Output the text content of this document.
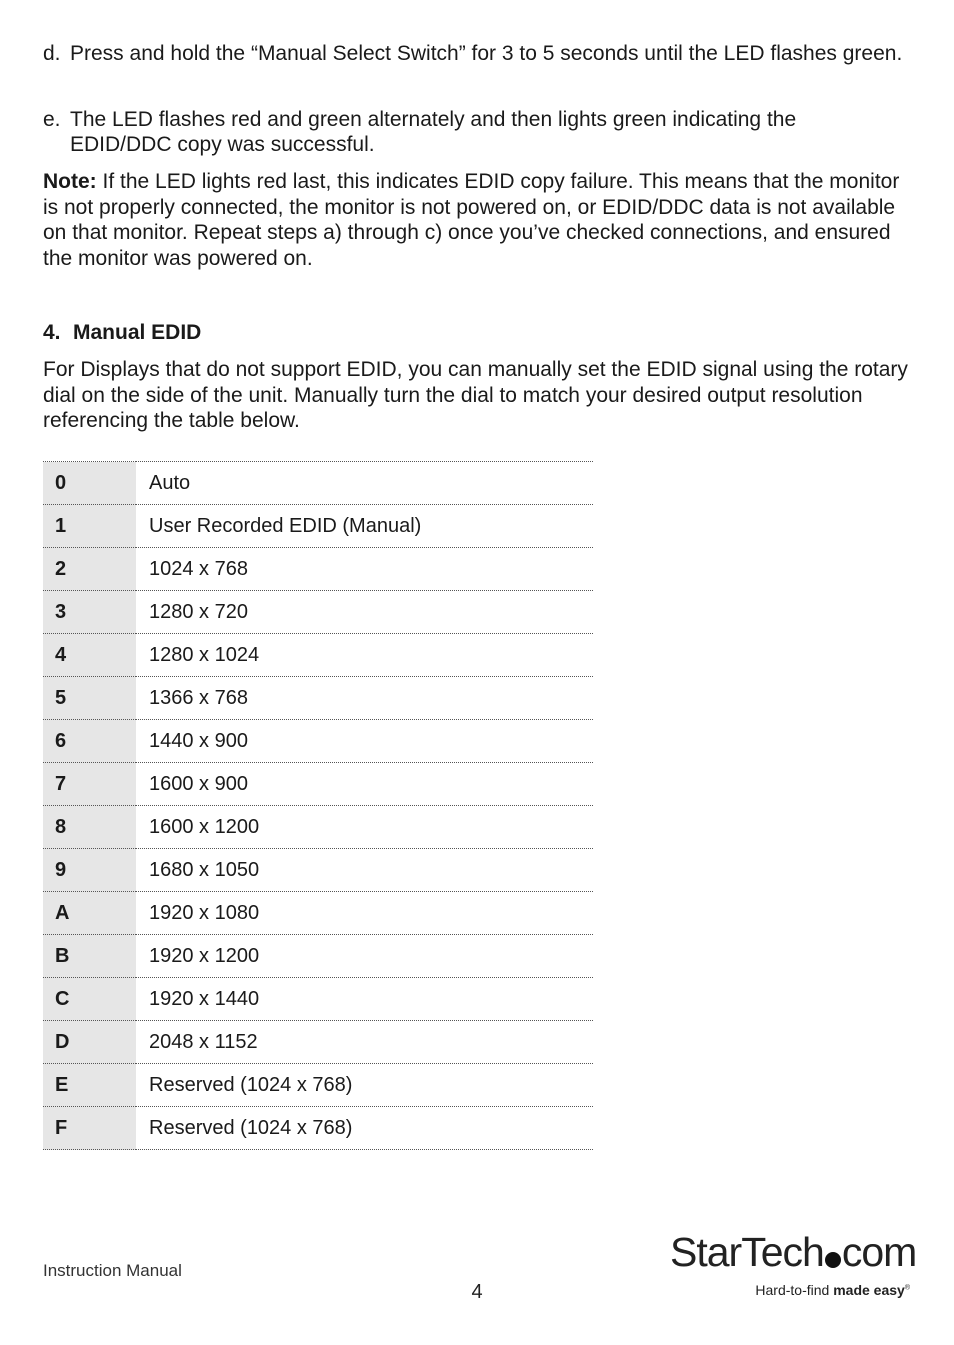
d. Press and hold the “Manual Select Switch” for 3 to 5 seconds until the LED flashes green.
e. The LED flashes red and green alternately and then lights green indicating the EDID/DDC copy was successful.

Note: If the LED lights red last, this indicates EDID copy failure. This means that the monitor is not properly connected, the monitor is not powered on, or EDID/DDC data is not available on that monitor. Repeat steps a) through c) once you’ve checked connections, and ensured the monitor was powered on.

4. Manual EDID

For Displays that do not support EDID, you can manually set the EDID signal using the rotary dial on the side of the unit. Manually turn the dial to match your desired output resolution referencing the table below.

0	Auto
1	User Recorded EDID (Manual)
2	1024 x 768
3	1280 x 720
4	1280 x 1024
5	1366 x 768
6	1440 x 900
7	1600 x 900
8	1600 x 1200
9	1680 x 1050
A	1920 x 1080
B	1920 x 1200
C	1920 x 1440
D	2048 x 1152
E	Reserved (1024 x 768)
F	Reserved (1024 x 768)
Instruction Manual
4
StarTech com
Hard-to-find made easy®
